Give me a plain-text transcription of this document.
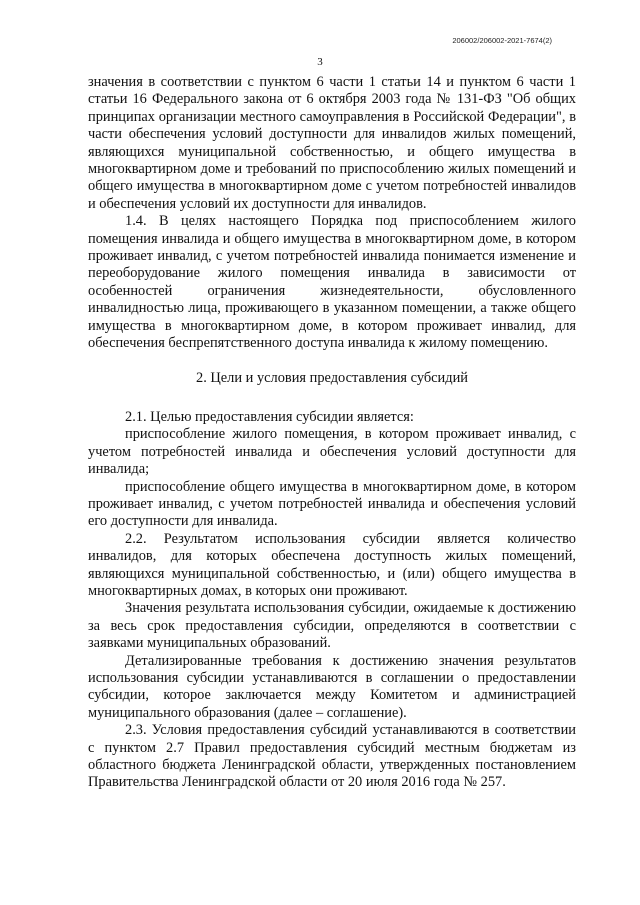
206002/206002-2021-7674(2)
3

значения в соответствии с пунктом 6 части 1 статьи 14 и пунктом 6 части 1 статьи 16 Федерального закона от 6 октября 2003 года № 131-ФЗ "Об общих принципах организации местного самоуправления в Российской Федерации", в части обеспечения условий доступности для инвалидов жилых помещений, являющихся муниципальной собственностью, и общего имущества в многоквартирном доме и требований по приспособлению жилых помещений и общего имущества в многоквартирном доме с учетом потребностей инвалидов и обеспечения условий их доступности для инвалидов.

1.4. В целях настоящего Порядка под приспособлением жилого помещения инвалида и общего имущества в многоквартирном доме, в котором проживает инвалид, с учетом потребностей инвалида понимается изменение и переоборудование жилого помещения инвалида в зависимости от особенностей ограничения жизнедеятельности, обусловленного инвалидностью лица, проживающего в указанном помещении, а также общего имущества в многоквартирном доме, в котором проживает инвалид, для обеспечения беспрепятственного доступа инвалида к жилому помещению.

2. Цели и условия предоставления субсидий

2.1. Целью предоставления субсидии является:

приспособление жилого помещения, в котором проживает инвалид, с учетом потребностей инвалида и обеспечения условий доступности для инвалида;

приспособление общего имущества в многоквартирном доме, в котором проживает инвалид, с учетом потребностей инвалида и обеспечения условий его доступности для инвалида.

2.2. Результатом использования субсидии является количество инвалидов, для которых обеспечена доступность жилых помещений, являющихся муниципальной собственностью, и (или) общего имущества в многоквартирных домах, в которых они проживают.

Значения результата использования субсидии, ожидаемые к достижению за весь срок предоставления субсидии, определяются в соответствии с заявками муниципальных образований.

Детализированные требования к достижению значения результатов использования субсидии устанавливаются в соглашении о предоставлении субсидии, которое заключается между Комитетом и администрацией муниципального образования (далее – соглашение).

2.3. Условия предоставления субсидий устанавливаются в соответствии с пунктом 2.7 Правил предоставления субсидий местным бюджетам из областного бюджета Ленинградской области, утвержденных постановлением Правительства Ленинградской области от 20 июля 2016 года № 257.
